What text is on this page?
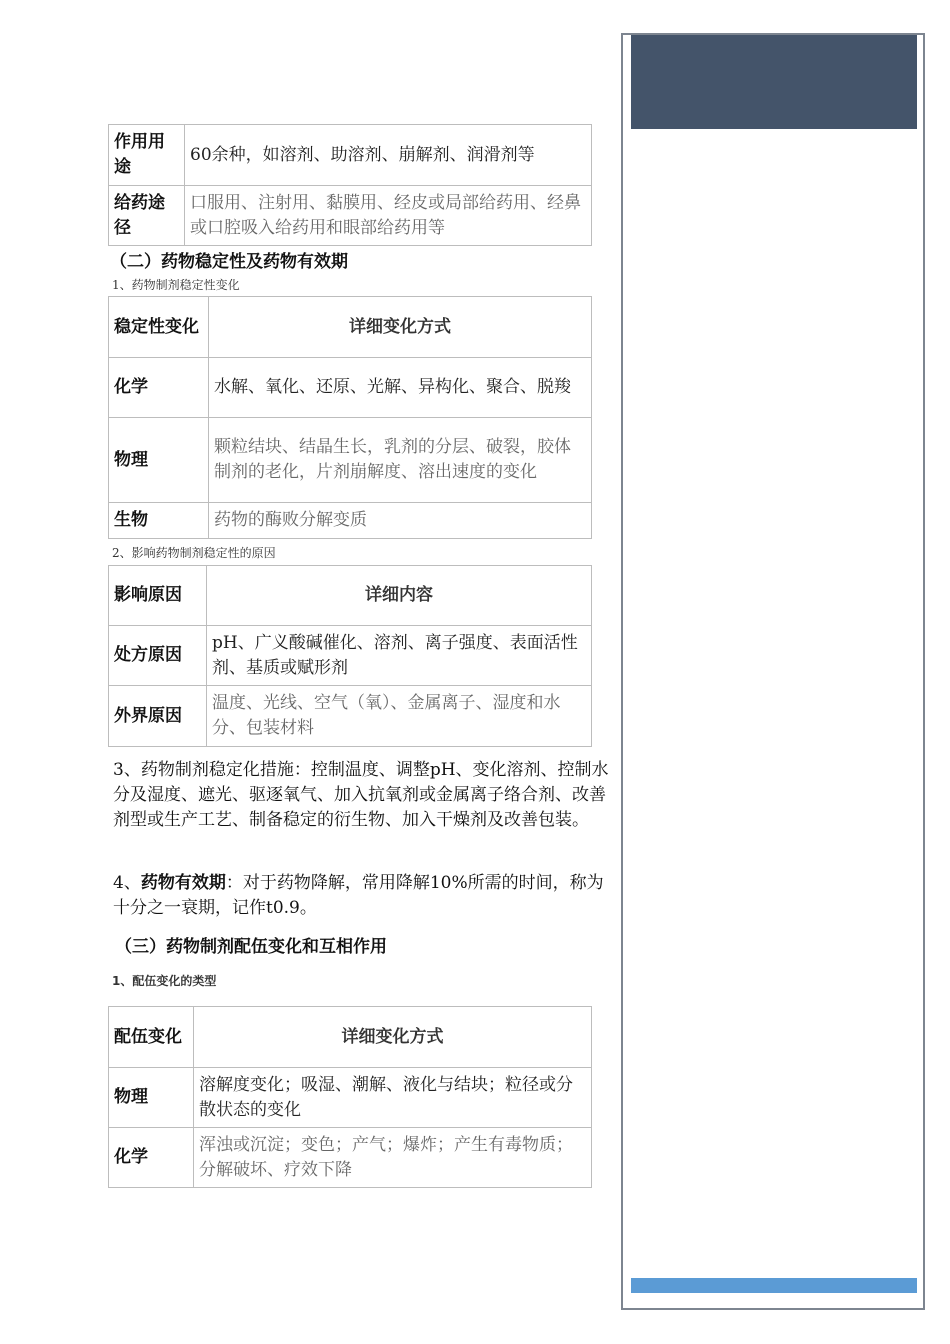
作用用途	60余种，如溶剂、助溶剂、崩解剂、润滑剂等
给药途径	口服用、注射用、黏膜用、经皮或局部给药用、经鼻或口腔吸入给药用和眼部给药用等

（二）药物稳定性及药物有效期

1、药物制剂稳定性变化

稳定性变化	详细变化方式
化学	水解、氧化、还原、光解、异构化、聚合、脱羧
物理	颗粒结块、结晶生长，乳剂的分层、破裂，胶体制剂的老化，片剂崩解度、溶出速度的变化
生物	药物的酶败分解变质

2、影响药物制剂稳定性的原因

影响原因	详细内容
处方原因	pH、广义酸碱催化、溶剂、离子强度、表面活性剂、基质或赋形剂
外界原因	温度、光线、空气（氧）、金属离子、湿度和水分、包装材料

3、药物制剂稳定化措施：控制温度、调整pH、变化溶剂、控制水分及湿度、遮光、驱逐氧气、加入抗氧剂或金属离子络合剂、改善剂型或生产工艺、制备稳定的衍生物、加入干燥剂及改善包装。

4、药物有效期：对于药物降解，常用降解10%所需的时间，称为十分之一衰期，记作t0.9。

（三）药物制剂配伍变化和互相作用

1、配伍变化的类型

配伍变化	详细变化方式
物理	溶解度变化；吸湿、潮解、液化与结块；粒径或分散状态的变化
化学	浑浊或沉淀；变色；产气；爆炸；产生有毒物质；分解破坏、疗效下降
